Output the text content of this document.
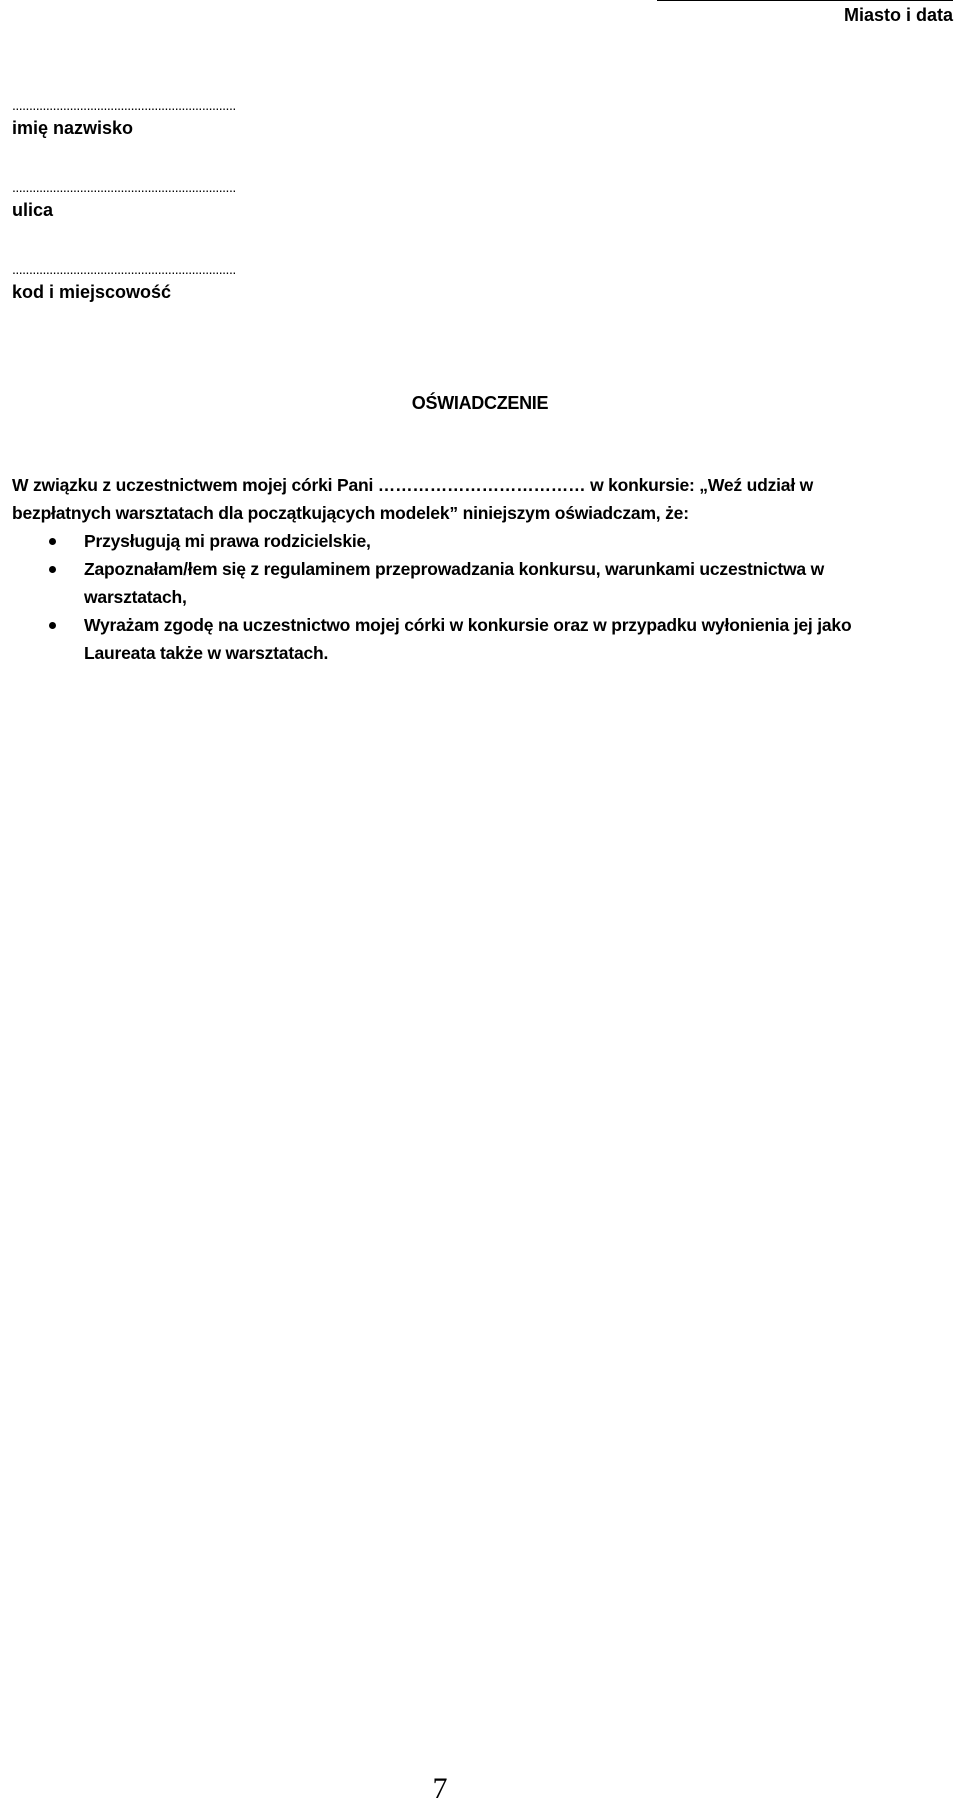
Miasto i data
..................................................................
imię nazwisko
..................................................................
ulica
..................................................................
kod i miejscowość
OŚWIADCZENIE

W związku z uczestnictwem mojej córki Pani ……………………………… w konkursie: „Weź udział w bezpłatnych warsztatach dla początkujących modelek” niniejszym oświadczam, że:

Przysługują mi prawa rodzicielskie,
Zapoznałam/łem się z regulaminem przeprowadzania konkursu, warunkami uczestnictwa w warsztatach,
Wyrażam zgodę na uczestnictwo mojej córki w konkursie oraz w przypadku wyłonienia jej jako Laureata także w warsztatach.
7
